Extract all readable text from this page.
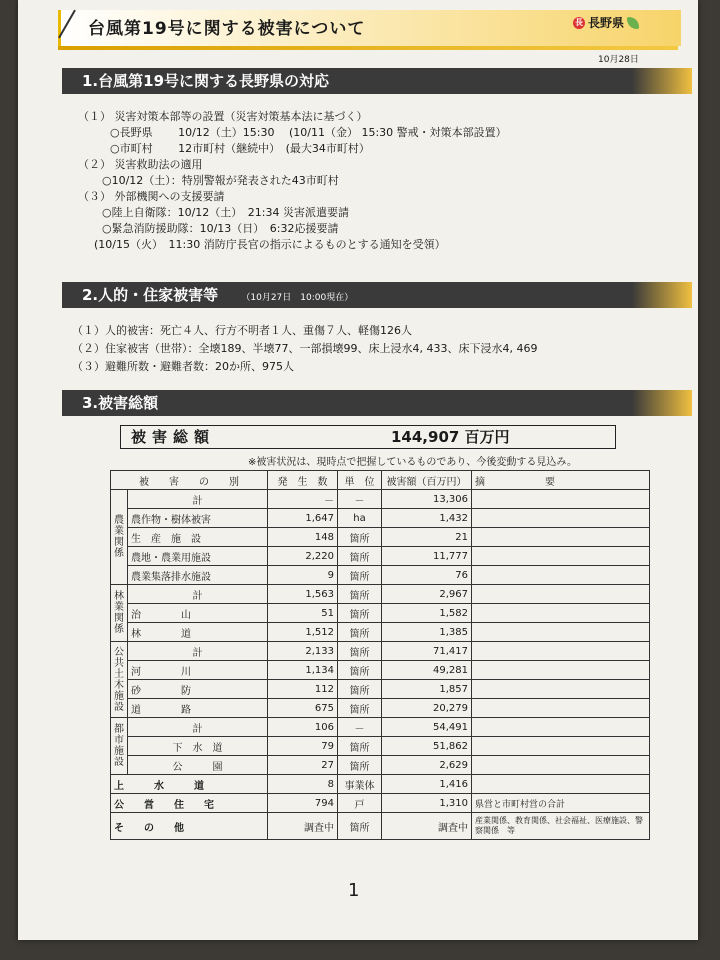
台風第19号に関する被害について	長 長野県
10月28日
1.台風第19号に関する長野県の対応
（１） 災害対策本部等の設置（災害対策基本法に基づく）
○長野県　　 10/12（土）15:30　 (10/11（金） 15:30 警戒・対策本部設置）
○市町村　　 12市町村（継続中）　(最大34市町村）
（２） 災害救助法の適用
○10/12（土）：特別警報が発表された43市町村
（３） 外部機関への支援要請
○陸上自衛隊：10/12（土）　21:34 災害派遣要請
○緊急消防援助隊：10/13（日）　6:32応援要請
(10/15（火）　11:30 消防庁長官の指示によるものとする通知を受領）
2.人的・住家被害等	（10月27日　10:00現在）
（１）人的被害：死亡４人、行方不明者１人、重傷７人、軽傷126人
（２）住家被害（世帯）：全壊189、半壊77、一部損壊99、床上浸水4, 433、床下浸水4, 469
（３）避難所数・避難者数：20か所、975人
3.被害総額
被害総額	144,907 百万円
※被害状況は、現時点で把握しているものであり、今後変動する見込み。
被　　害　　の　　別		発　生　数	単　位	被害額（百万円）	摘　　　　　　要
農業関係	計	－	－	13,306	
	農作物・樹体被害	1,647	ha	1,432	
	生　産　施　設	148	箇所	21	
	農地・農業用施設	2,220	箇所	11,777	
	農業集落排水施設	9	箇所	76	
林業関係	計	1,563	箇所	2,967	
	治　　　　山	51	箇所	1,582	
	林　　　　道	1,512	箇所	1,385	
公共土木施設	計	2,133	箇所	71,417	
	河　　　　川	1,134	箇所	49,281	
	砂　　　　防	112	箇所	1,857	
	道　　　　路	675	箇所	20,279	
都市施設	計	106	－	54,491	
	下　水　道	79	箇所	51,862	
	公　　　園	27	箇所	2,629	
上　　　水　　　道		8	事業体	1,416	
公　　営　　住　　宅		794	戸	1,310	県営と市町村営の合計
そ　　の　　他		調査中	箇所	調査中	産業関係、教育関係、社会福祉、医療施設、警察関係　等
1
